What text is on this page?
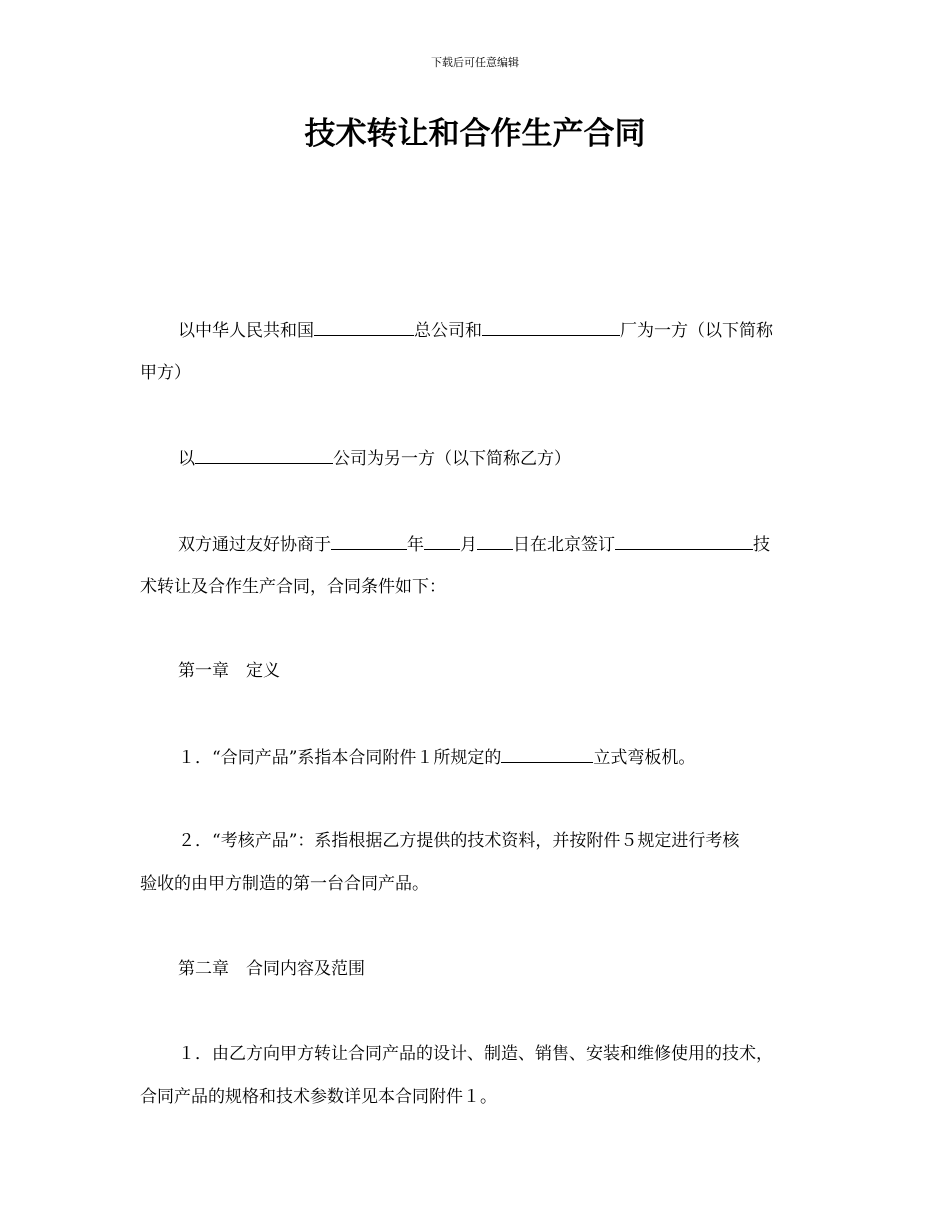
下载后可任意编辑
技术转让和合作生产合同
以中华人民共和国	总公司和	厂为一方（以下简称
甲方）
以	公司为另一方（以下简称乙方）
双方通过友好协商于	年 月 日在北京签订	技
术转让及合作生产合同，合同条件如下：
第一章　定义
１．“合同产品”系指本合同附件１所规定的	立式弯板机。
２．“考核产品”：系指根据乙方提供的技术资料，并按附件５规定进行考核
验收的由甲方制造的第一台合同产品。
第二章　合同内容及范围
１．由乙方向甲方转让合同产品的设计、制造、销售、安装和维修使用的技术，
合同产品的规格和技术参数详见本合同附件１。
